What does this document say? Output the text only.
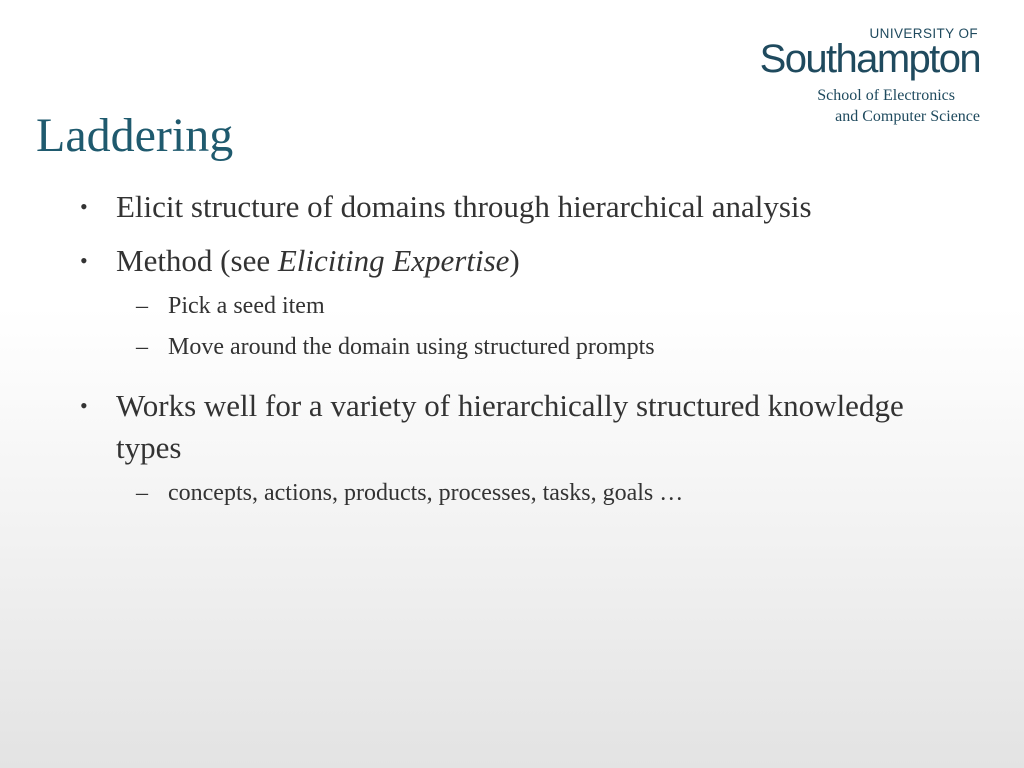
UNIVERSITY OF
Southampton
School of Electronics
and Computer Science
Laddering
• Elicit structure of domains through hierarchical analysis
• Method (see Eliciting Expertise)
– Pick a seed item
– Move around the domain using structured prompts
• Works well for a variety of hierarchically structured knowledge types
– concepts, actions, products, processes, tasks, goals …
